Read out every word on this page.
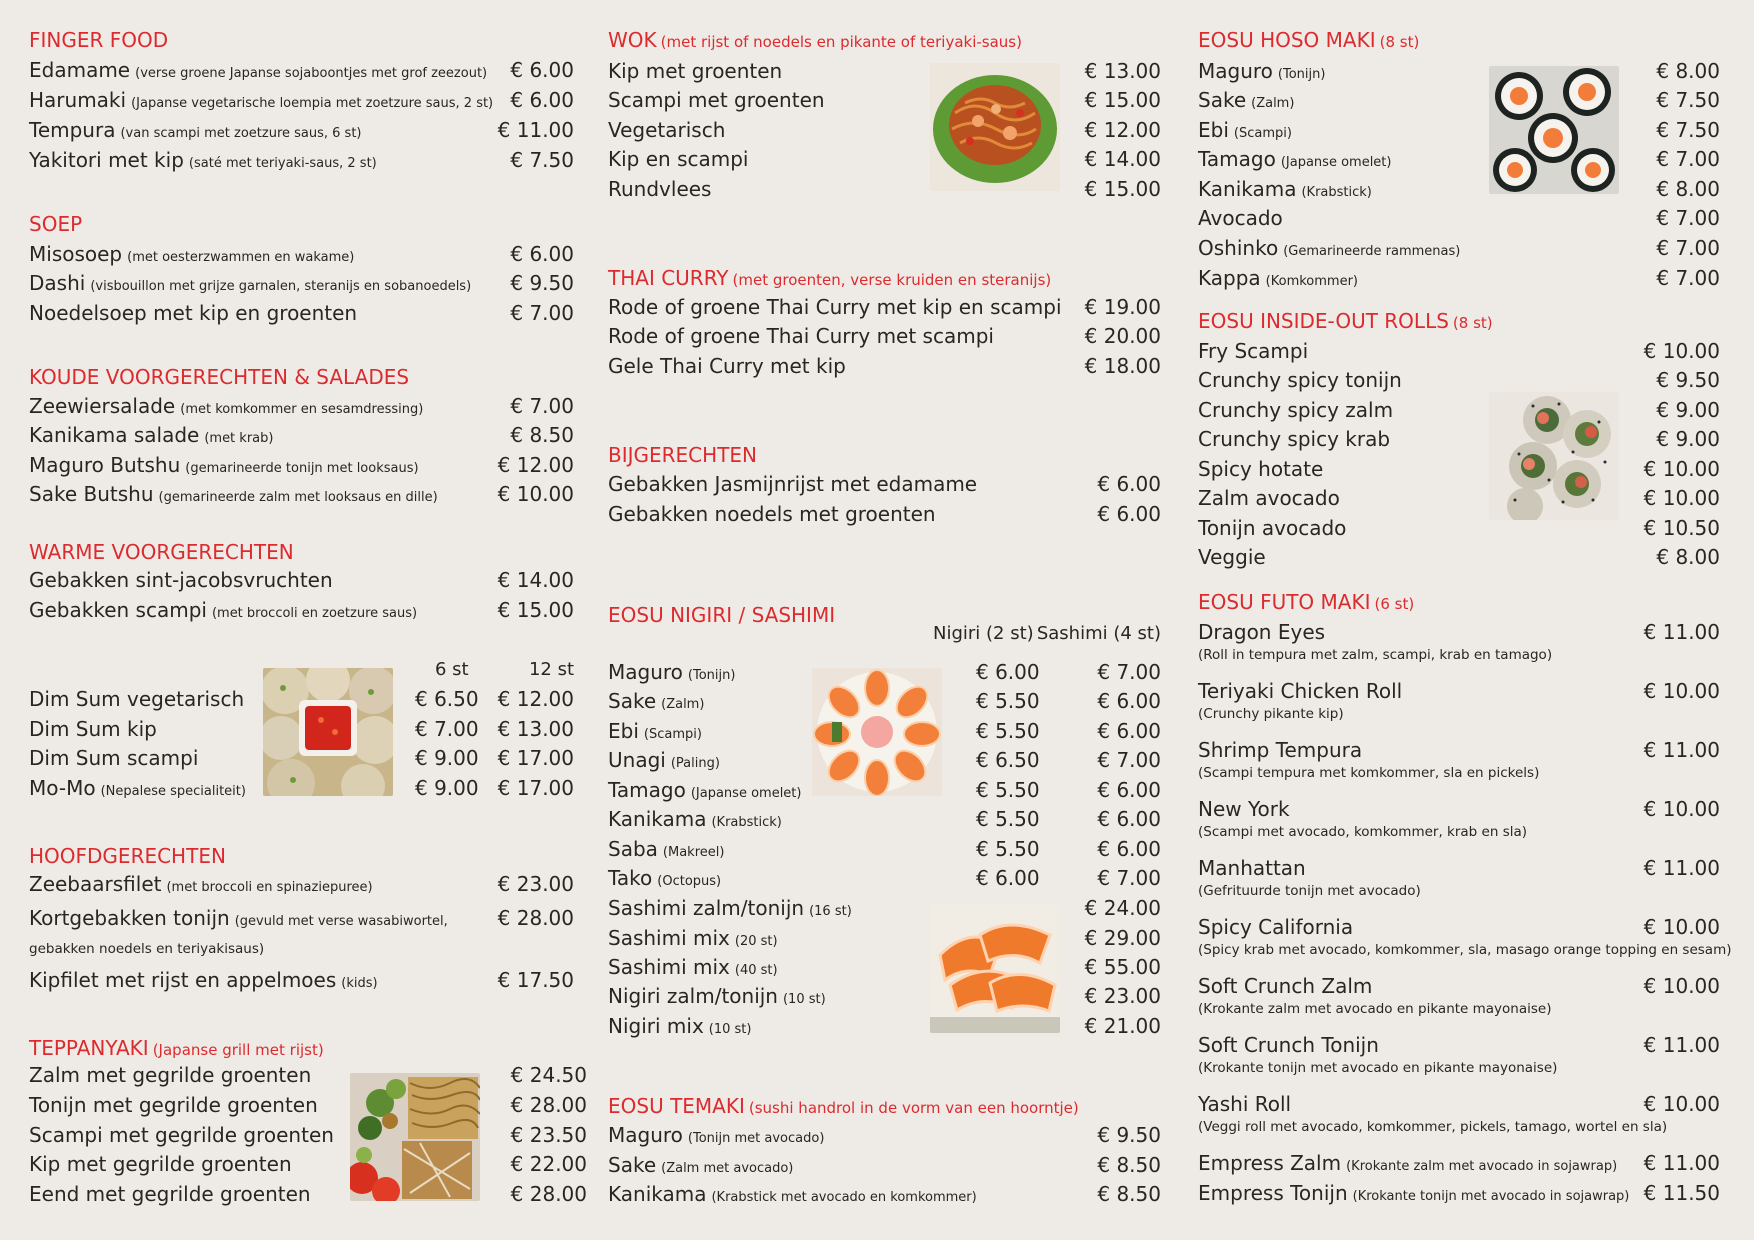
FINGER FOOD
Edamame (verse groene Japanse sojaboontjes met grof zeezout) € 6.00
Harumaki (Japanse vegetarische loempia met zoetzure saus, 2 st) € 6.00
Tempura (van scampi met zoetzure saus, 6 st)	€ 11.00
Yakitori met kip (saté met teriyaki-saus, 2 st)	€ 7.50
SOEP
Misosoep (met oesterzwammen en wakame)	€ 6.00
Dashi (visbouillon met grijze garnalen, steranijs en sobanoedels) € 9.50
Noedelsoep met kip en groenten	€ 7.00
KOUDE VOORGERECHTEN & SALADES
Zeewiersalade (met komkommer en sesamdressing)	€ 7.00
Kanikama salade (met krab)	€ 8.50
Maguro Butshu (gemarineerde tonijn met looksaus)	€ 12.00
Sake Butshu (gemarineerde zalm met looksaus en dille)	€ 10.00
WARME VOORGERECHTEN
Gebakken sint-jacobsvruchten	€ 14.00
Gebakken scampi (met broccoli en zoetzure saus)	€ 15.00
6 st	12 st
Dim Sum vegetarisch	€ 6.50 € 12.00
Dim Sum kip	€ 7.00 € 13.00
Dim Sum scampi	€ 9.00 € 17.00
Mo-Mo (Nepalese specialiteit)	€ 9.00 € 17.00
HOOFDGERECHTEN
Zeebaarsfilet (met broccoli en spinaziepuree)	€ 23.00
Kortgebakken tonijn (gevuld met verse wasabiwortel, € 28.00
gebakken noedels en teriyakisaus)
Kipfilet met rijst en appelmoes (kids)	€ 17.50
TEPPANYAKI (Japanse grill met rijst)
Zalm met gegrilde groenten	€ 24.50
Tonijn met gegrilde groenten	€ 28.00
Scampi met gegrilde groenten	€ 23.50
Kip met gegrilde groenten	€ 22.00
Eend met gegrilde groenten	€ 28.00
WOK (met rijst of noedels en pikante of teriyaki-saus)
Kip met groenten	€ 13.00
Scampi met groenten	€ 15.00
Vegetarisch	€ 12.00
Kip en scampi	€ 14.00
Rundvlees	€ 15.00
THAI CURRY (met groenten, verse kruiden en steranijs)
Rode of groene Thai Curry met kip en scampi € 19.00
Rode of groene Thai Curry met scampi	€ 20.00
Gele Thai Curry met kip	€ 18.00
BIJGERECHTEN
Gebakken Jasmijnrijst met edamame	€ 6.00
Gebakken noedels met groenten	€ 6.00
EOSU NIGIRI / SASHIMI
Nigiri (2 st) Sashimi (4 st)
Maguro (Tonijn)	€ 6.00	€ 7.00
Sake (Zalm)	€ 5.50	€ 6.00
Ebi (Scampi)	€ 5.50	€ 6.00
Unagi (Paling)	€ 6.50	€ 7.00
Tamago (Japanse omelet)	€ 5.50	€ 6.00
Kanikama (Krabstick)	€ 5.50	€ 6.00
Saba (Makreel)	€ 5.50	€ 6.00
Tako (Octopus)	€ 6.00	€ 7.00
Sashimi zalm/tonijn (16 st)	€ 24.00
Sashimi mix (20 st)	€ 29.00
Sashimi mix (40 st)	€ 55.00
Nigiri zalm/tonijn (10 st)	€ 23.00
Nigiri mix (10 st)	€ 21.00
EOSU TEMAKI (sushi handrol in de vorm van een hoorntje)
Maguro (Tonijn met avocado)	€ 9.50
Sake (Zalm met avocado)	€ 8.50
Kanikama (Krabstick met avocado en komkommer)	€ 8.50
EOSU HOSO MAKI (8 st)
Maguro (Tonijn)	€ 8.00
Sake (Zalm)	€ 7.50
Ebi (Scampi)	€ 7.50
Tamago (Japanse omelet)	€ 7.00
Kanikama (Krabstick)	€ 8.00
Avocado	€ 7.00
Oshinko (Gemarineerde rammenas)	€ 7.00
Kappa (Komkommer)	€ 7.00
EOSU INSIDE-OUT ROLLS (8 st)
Fry Scampi	€ 10.00
Crunchy spicy tonijn	€ 9.50
Crunchy spicy zalm	€ 9.00
Crunchy spicy krab	€ 9.00
Spicy hotate	€ 10.00
Zalm avocado	€ 10.00
Tonijn avocado	€ 10.50
Veggie	€ 8.00
EOSU FUTO MAKI (6 st)
Dragon Eyes	€ 11.00
(Roll in tempura met zalm, scampi, krab en tamago)
Teriyaki Chicken Roll	€ 10.00
(Crunchy pikante kip)
Shrimp Tempura	€ 11.00
(Scampi tempura met komkommer, sla en pickels)
New York	€ 10.00
(Scampi met avocado, komkommer, krab en sla)
Manhattan	€ 11.00
(Gefrituurde tonijn met avocado)
Spicy California	€ 10.00
(Spicy krab met avocado, komkommer, sla, masago orange topping en sesam)
Soft Crunch Zalm	€ 10.00
(Krokante zalm met avocado en pikante mayonaise)
Soft Crunch Tonijn	€ 11.00
(Krokante tonijn met avocado en pikante mayonaise)
Yashi Roll	€ 10.00
(Veggi roll met avocado, komkommer, pickels, tamago, wortel en sla)
Empress Zalm (Krokante zalm met avocado in sojawrap) € 11.00
Empress Tonijn (Krokante tonijn met avocado in sojawrap) € 11.50
